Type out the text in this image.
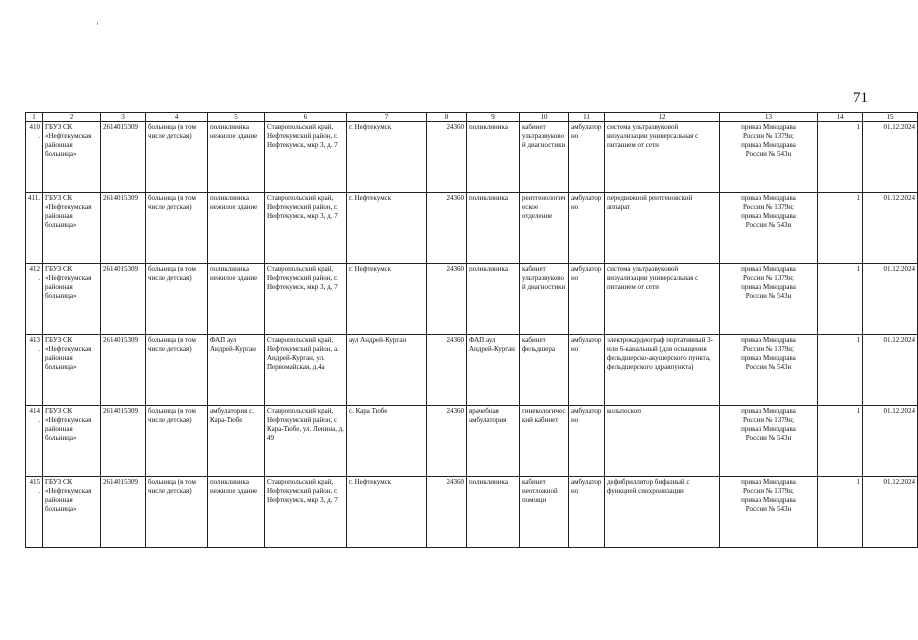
71
1	2	3	4	5	6	7	8	9	10	11	12	13	14	15
410.	ГБУЗ СК «Нефтекумская районная больница»	2614015309	больница (в том числе детская)	поликлиника нежилое здание	Ставропольский край, Нефтекумский район, г. Нефтекумск, мкр 3, д. 7	г. Нефтекумск	24360	поликлиника	кабинет ультразвуковой диагностики	амбулаторно	система ультразвуковой визуализации универсальная с питанием от сети	приказ Минздрава
России № 1379н;
приказ Минздрава
России № 543н	1	01.12.2024
411.	ГБУЗ СК «Нефтекумская районная больница»	2614015309	больница (в том числе детская)	поликлиника нежилое здание	Ставропольский край, Нефтекумский район, г. Нефтекумск, мкр 3, д. 7	г. Нефтекумск	24360	поликлиника	рентгенологическое отделение	амбулаторно	передвижной рентгеновский аппарат	приказ Минздрава
России № 1379н;
приказ Минздрава
России № 543н	1	01.12.2024
412.	ГБУЗ СК «Нефтекумская районная больница»	2614015309	больница (в том числе детская)	поликлиника нежилое здание	Ставропольский край, Нефтекумский район, г. Нефтекумск, мкр 3, д. 7	г. Нефтекумск	24360	поликлиника	кабинет ультразвуковой диагностики	амбулаторно	система ультразвуковой визуализации универсальная с питанием от сети	приказ Минздрава
России № 1379н;
приказ Минздрава
России № 543н	1	01.12.2024
413.	ГБУЗ СК «Нефтекумская районная больница»	2614015309	больница (в том числе детская)	ФАП аул Андрей-Курган	Ставропольский край, Нефтекумский район, а. Андрей-Курган, ул. Первомайская, д.4а	аул Андрей-Курган	24360	ФАП аул Андрей-Курган	кабинет фельдшера	амбулаторно	электрокардиограф портативный 3- или 6-канальный (для оснащения фельдшерско-акушерского пункта, фельдшерского здравпункта)	приказ Минздрава
России № 1379н;
приказ Минздрава
России № 543н	1	01.12.2024
414.	ГБУЗ СК «Нефтекумская районная больница»	2614015309	больница (в том числе детская)	амбулатория с. Кара-Тюбе	Ставропольский край, Нефтекумский район, с Кара-Тюбе, ул. Ленина, д. 49	с. Кара Тюбе	24360	врачебная амбулатория	гинекологический кабинет	амбулаторно	кольпоскоп	приказ Минздрава
России № 1379н;
приказ Минздрава
России № 543н	1	01.12.2024
415.	ГБУЗ СК «Нефтекумская районная больница»	2614015309	больница (в том числе детская)	поликлиника нежилое здание	Ставропольский край, Нефтекумский район, г. Нефтекумск, мкр 3, д. 7	г. Нефтекумск	24360	поликлиника	кабинет неотложной помощи	амбулаторно	дефибриллятор бифазный с функцией синхронизации	приказ Минздрава
России № 1379н;
приказ Минздрава
России № 543н	1	01.12.2024
